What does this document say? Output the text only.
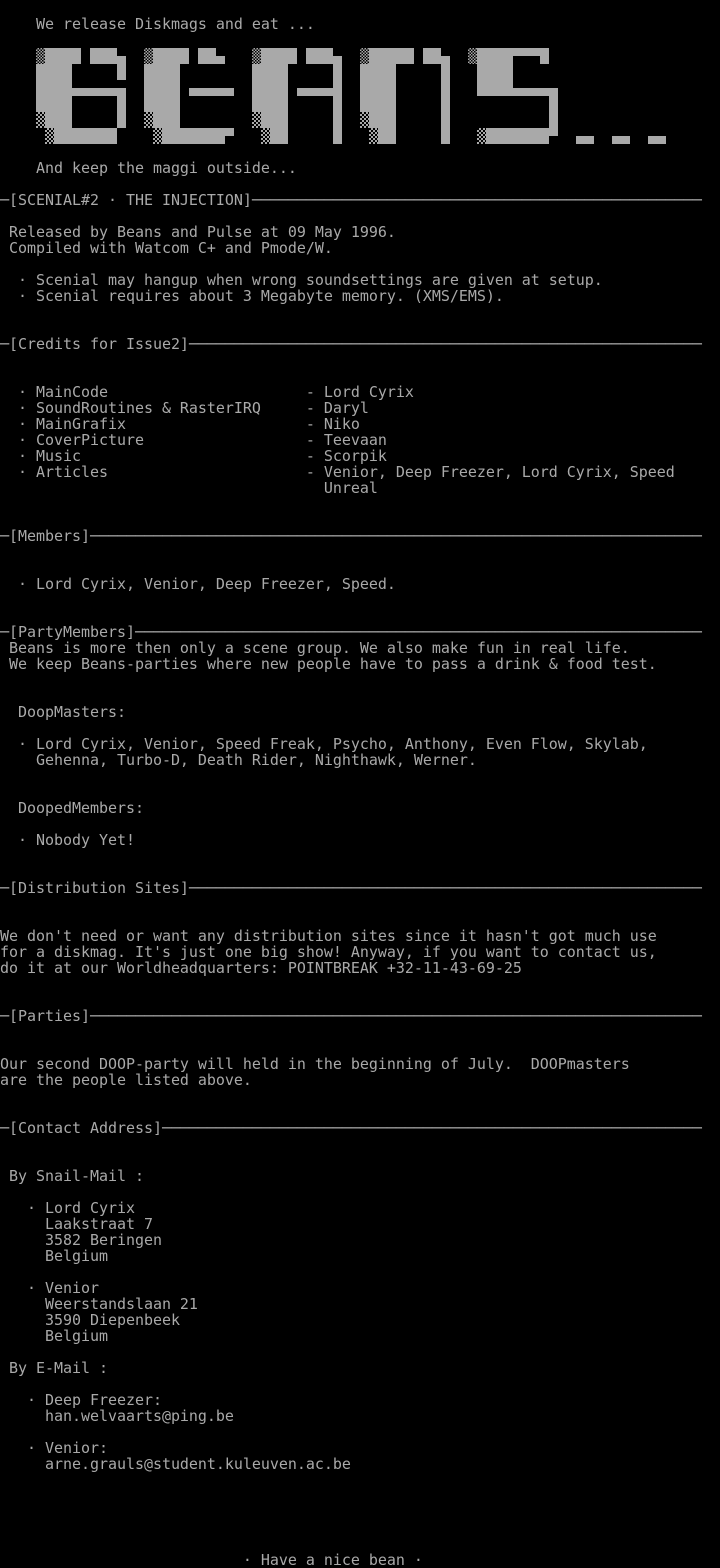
We release Diskmags and eat ...
And keep the maggi outside...
─[SCENIAL#2 · THE INJECTION]──────────────────────────────────────────────────
Released by Beans and Pulse at 09 May 1996.
Compiled with Watcom C+ and Pmode/W.
· Scenial may hangup when wrong soundsettings are given at setup.
· Scenial requires about 3 Megabyte memory. (XMS/EMS).
─[Credits for Issue2]─────────────────────────────────────────────────────────
· MainCode                      - Lord Cyrix
· SoundRoutines & RasterIRQ     - Daryl
· MainGrafix                    - Niko
· CoverPicture                  - Teevaan
· Music                         - Scorpik
· Articles                      - Venior, Deep Freezer, Lord Cyrix, Speed
Unreal
─[Members]────────────────────────────────────────────────────────────────────
· Lord Cyrix, Venior, Deep Freezer, Speed.
─[PartyMembers]───────────────────────────────────────────────────────────────
Beans is more then only a scene group. We also make fun in real life.
We keep Beans-parties where new people have to pass a drink & food test.
DoopMasters:
· Lord Cyrix, Venior, Speed Freak, Psycho, Anthony, Even Flow, Skylab,
Gehenna, Turbo-D, Death Rider, Nighthawk, Werner.
DoopedMembers:
· Nobody Yet!
─[Distribution Sites]─────────────────────────────────────────────────────────
We don't need or want any distribution sites since it hasn't got much use
for a diskmag. It's just one big show! Anyway, if you want to contact us,
do it at our Worldheadquarters: POINTBREAK +32-11-43-69-25
─[Parties]────────────────────────────────────────────────────────────────────
Our second DOOP-party will held in the beginning of July.  DOOPmasters
are the people listed above.
─[Contact Address]────────────────────────────────────────────────────────────
By Snail-Mail :
· Lord Cyrix
Laakstraat 7
3582 Beringen
Belgium
· Venior
Weerstandslaan 21
3590 Diepenbeek
Belgium
By E-Mail :
· Deep Freezer:
han.welvaarts@ping.be
· Venior:
arne.grauls@student.kuleuven.ac.be
· Have a nice bean ·
